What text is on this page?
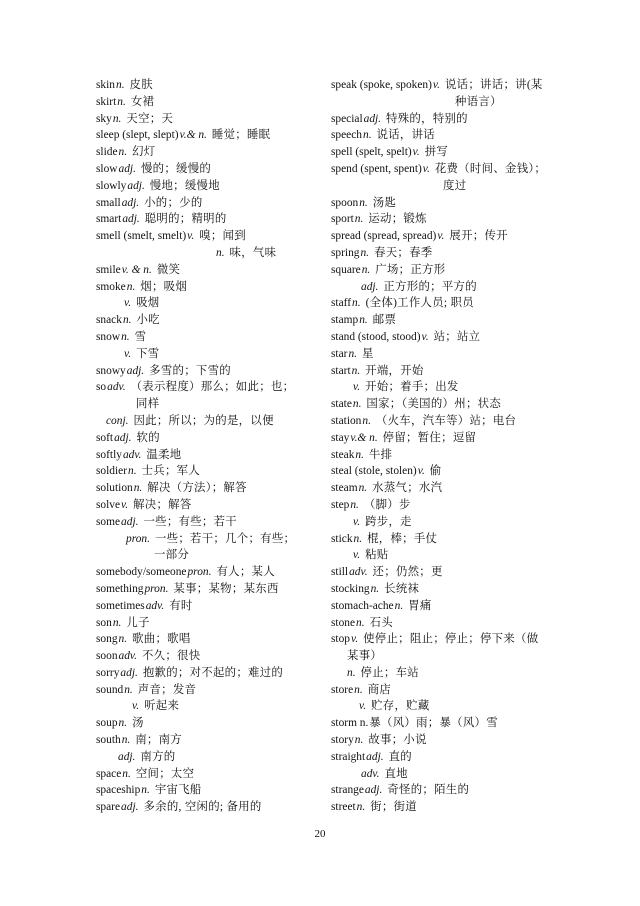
skinn. 皮肤
skirtn. 女裙
skyn. 天空；天
sleep (slept, slept)v.& n. 睡觉；睡眠
sliden. 幻灯
slowadj. 慢的；缓慢的
slowlyadj. 慢地；缓慢地
smalladj. 小的；少的
smartadj. 聪明的；精明的
smell (smelt, smelt)v. 嗅；闻到
n. 味，气味
smilev. & n. 微笑
smoken. 烟；吸烟
v. 吸烟
snackn. 小吃
snown. 雪
v. 下雪
snowyadj. 多雪的；下雪的
soadv. （表示程度）那么；如此；也；
同样
conj. 因此；所以；为的是，以便
softadj. 软的
softlyadv. 温柔地
soldiern. 士兵；军人
solutionn. 解决（方法）；解答
solvev. 解决；解答
someadj. 一些；有些；若干
pron. 一些；若干；几个；有些；
一部分
somebody/someonepron. 有人；某人
somethingpron. 某事；某物；某东西
sometimesadv. 有时
sonn. 儿子
songn. 歌曲；歌唱
soonadv. 不久；很快
sorryadj. 抱歉的；对不起的；难过的
soundn. 声音；发音
v. 听起来
soupn. 汤
southn. 南；南方
adj. 南方的
spacen. 空间；太空
spaceshipn. 宇宙飞船
spareadj. 多余的, 空闲的; 备用的
speak (spoke, spoken)v. 说话；讲话；讲(某
种语言）
specialadj. 特殊的，特别的
speechn. 说话，讲话
spell (spelt, spelt)v. 拼写
spend (spent, spent)v. 花费（时间、金钱）；
度过
spoonn. 汤匙
sportn. 运动；锻炼
spread (spread, spread)v. 展开；传开
springn. 春天；春季
squaren. 广场；正方形
adj. 正方形的；平方的
staffn. (全体)工作人员; 职员
stampn. 邮票
stand (stood, stood)v. 站；站立
starn. 星
startn. 开端，开始
v. 开始；着手；出发
staten. 国家；（美国的）州；状态
stationn. （火车，汽车等）站；电台
stayv.& n. 停留；暂住；逗留
steakn. 牛排
steal (stole, stolen)v. 偷
steamn. 水蒸气；水汽
stepn. （脚）步
v. 跨步，走
stickn. 棍，棒；手仗
v. 粘贴
stilladv. 还；仍然；更
stockingn. 长统袜
stomach-achen. 胃痛
stonen. 石头
stopv. 使停止；阻止；停止；停下来（做
某事）
n. 停止；车站
storen. 商店
v. 贮存，贮藏
storm n.暴（风）雨；暴（风）雪
storyn. 故事；小说
straightadj. 直的
adv. 直地
strangeadj. 奇怪的；陌生的
streetn. 街；街道
20
